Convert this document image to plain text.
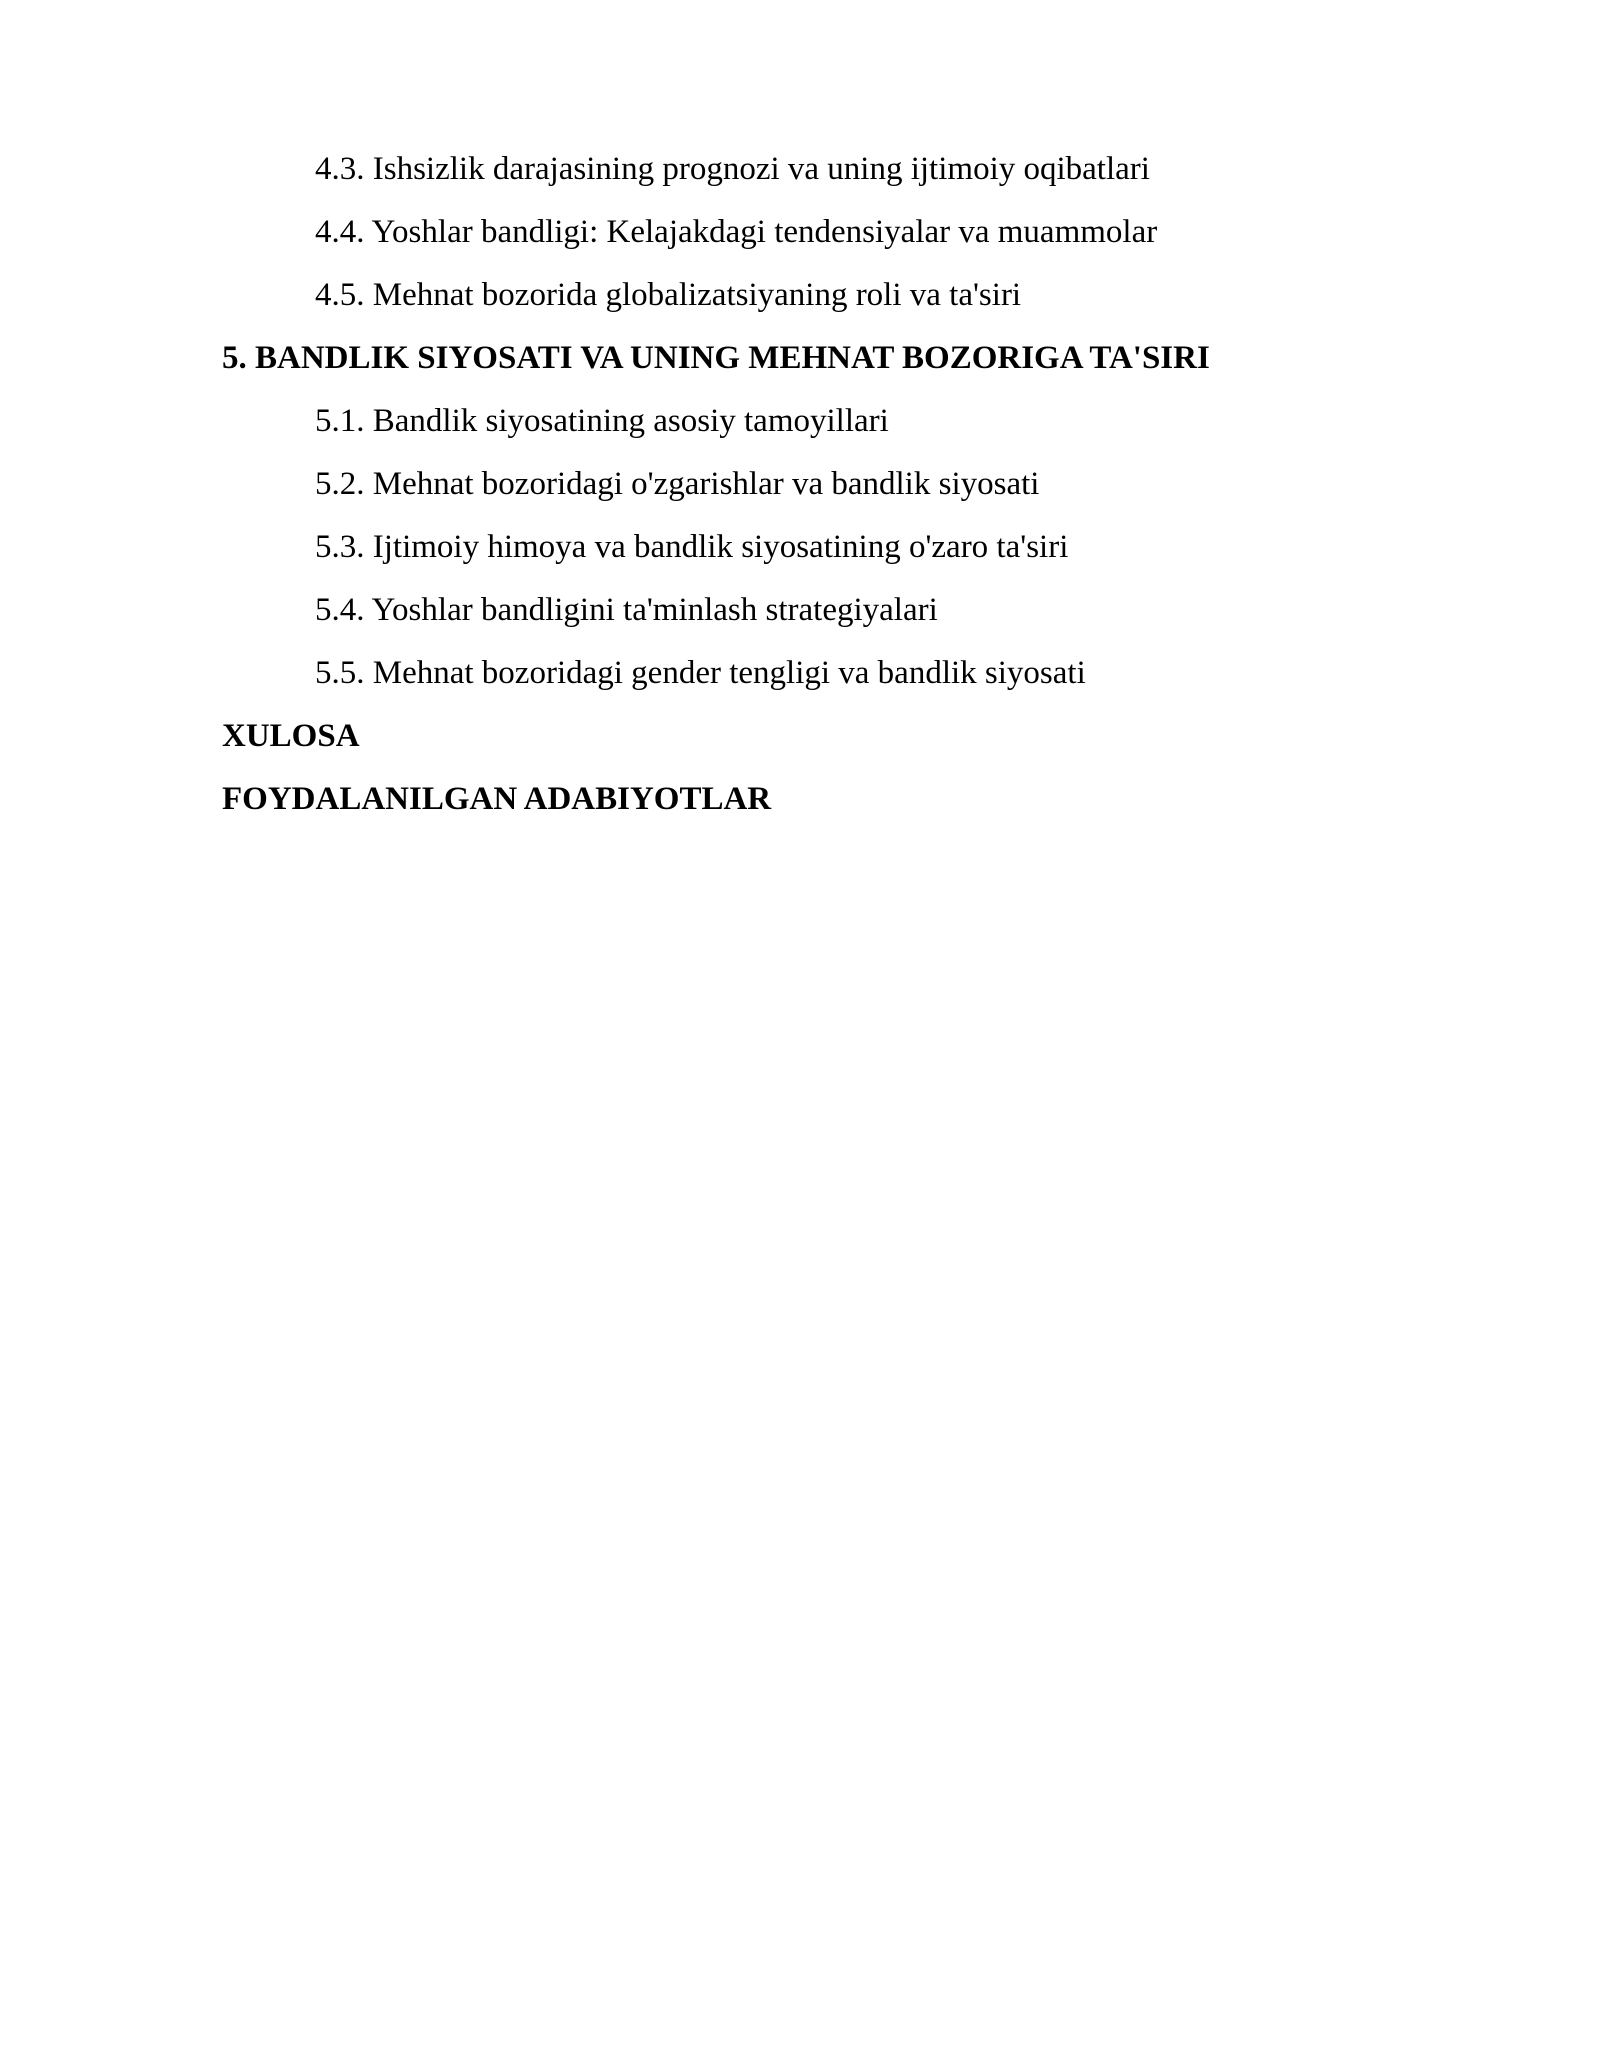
4.3. Ishsizlik darajasining prognozi va uning ijtimoiy oqibatlari
4.4. Yoshlar bandligi: Kelajakdagi tendensiyalar va muammolar
4.5. Mehnat bozorida globalizatsiyaning roli va ta'siri
5. BANDLIK SIYOSATI VA UNING MEHNAT BOZORIGA TA'SIRI
5.1. Bandlik siyosatining asosiy tamoyillari
5.2. Mehnat bozoridagi o'zgarishlar va bandlik siyosati
5.3. Ijtimoiy himoya va bandlik siyosatining o'zaro ta'siri
5.4. Yoshlar bandligini ta'minlash strategiyalari
5.5. Mehnat bozoridagi gender tengligi va bandlik siyosati
XULOSA
FOYDALANILGAN ADABIYOTLAR
